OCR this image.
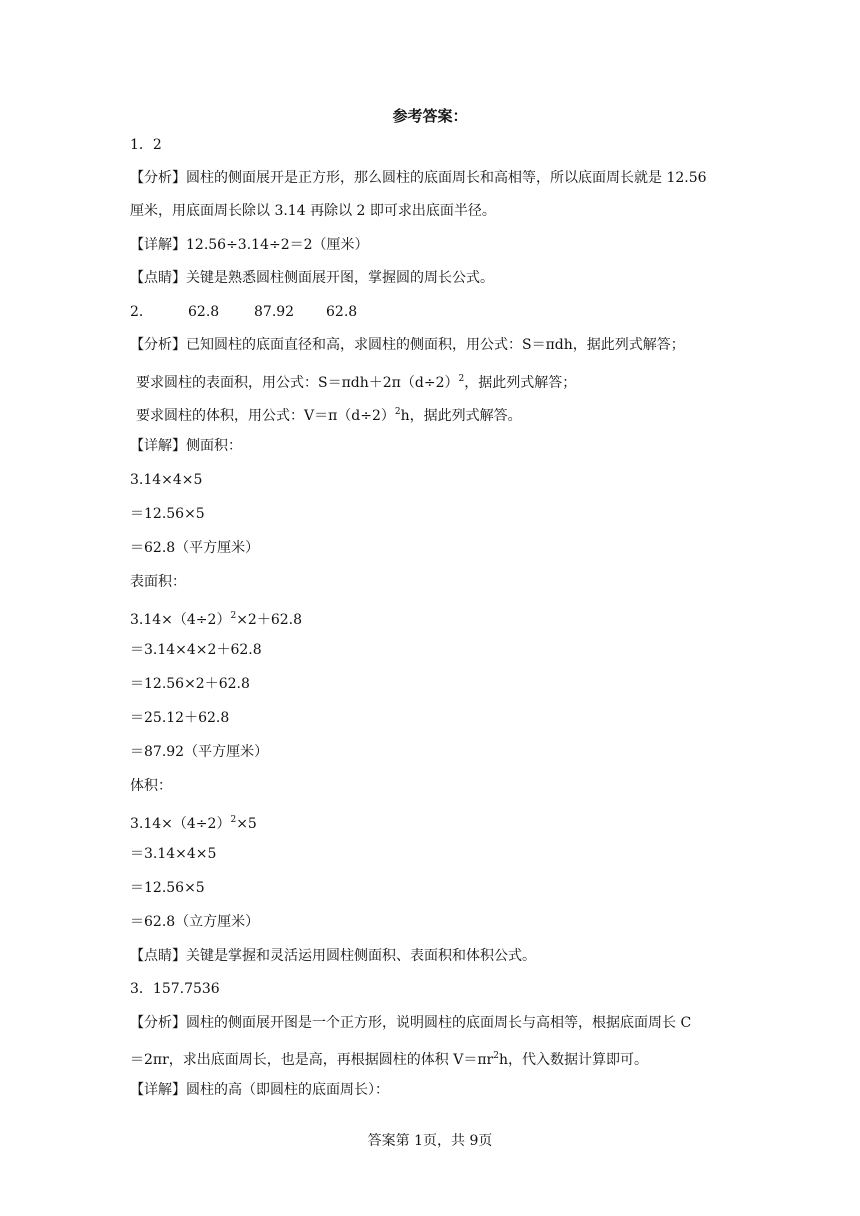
参考答案：
1．2
【分析】圆柱的侧面展开是正方形，那么圆柱的底面周长和高相等，所以底面周长就是 12.56
厘米，用底面周长除以 3.14 再除以 2 即可求出底面半径。
【详解】12.56÷3.14÷2＝2（厘米）
【点睛】关键是熟悉圆柱侧面展开图，掌握圆的周长公式。
2．	62.8 87.92 62.8
【分析】已知圆柱的底面直径和高，求圆柱的侧面积，用公式：S＝πdh，据此列式解答；
要求圆柱的表面积，用公式：$S=\pi dh+2\pi(d\div 2)^2$，据此列式解答；
要求圆柱的体积，用公式：$V=\pi(d\div 2)^2h$，据此列式解答。
【详解】侧面积：
3.14×4×5
＝12.56×5
＝62.8（平方厘米）
表面积：
$3.14\times(4\div 2)^2\times 2+62.8$
＝3.14×4×2＋62.8
＝12.56×2＋62.8
＝25.12＋62.8
＝87.92（平方厘米）
体积：
$3.14\times(4\div 2)^2\times 5$
＝3.14×4×5
＝12.56×5
＝62.8（立方厘米）
【点睛】关键是掌握和灵活运用圆柱侧面积、表面积和体积公式。
3．157.7536
【分析】圆柱的侧面展开图是一个正方形，说明圆柱的底面周长与高相等，根据底面周长 C
＝2πr，求出底面周长，也是高，再根据圆柱的体积 $V=\pi r^2h$，代入数据计算即可。
【详解】圆柱的高（即圆柱的底面周长）：
答案第 1页，共 9页
